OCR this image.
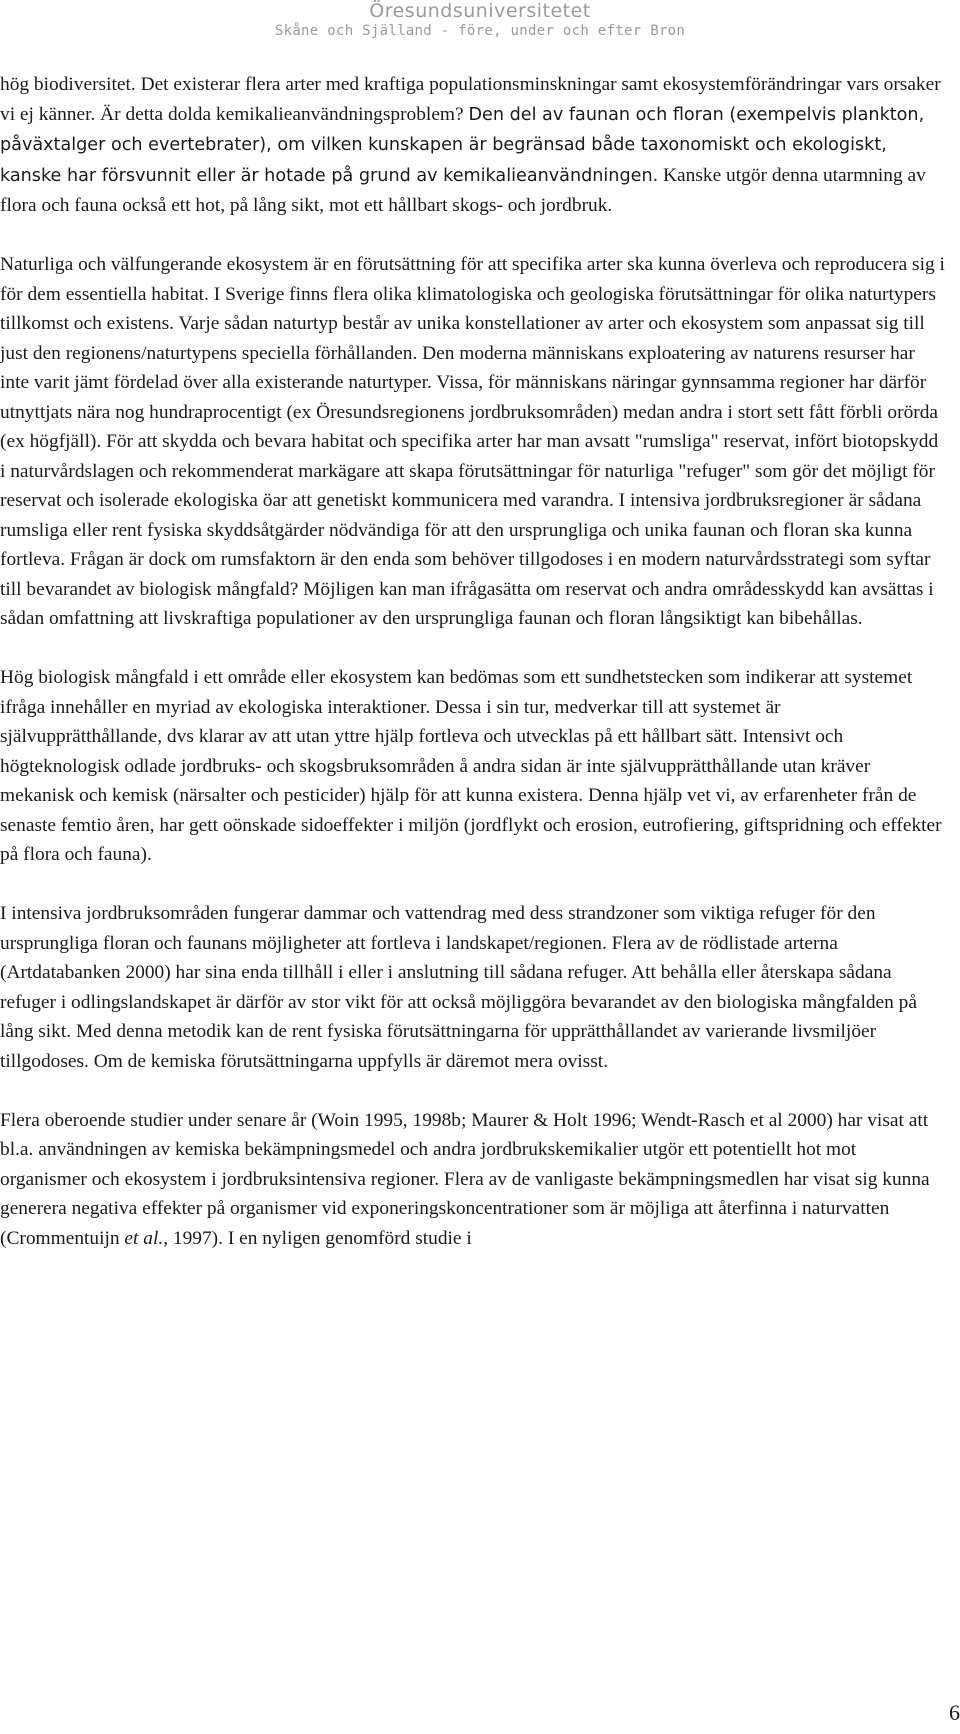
Öresundsuniversitetet
Skåne och Själland - före, under och efter Bron

hög biodiversitet. Det existerar flera arter med kraftiga populationsminskningar samt ekosystemförändringar vars orsaker vi ej känner. Är detta dolda kemikalieanvändningsproblem? Den del av faunan och floran (exempelvis plankton, påväxtalger och evertebrater), om vilken kunskapen är begränsad både taxonomiskt och ekologiskt, kanske har försvunnit eller är hotade på grund av kemikalieanvändningen. Kanske utgör denna utarmning av flora och fauna också ett hot, på lång sikt, mot ett hållbart skogs- och jordbruk.

Naturliga och välfungerande ekosystem är en förutsättning för att specifika arter ska kunna överleva och reproducera sig i för dem essentiella habitat. I Sverige finns flera olika klimatologiska och geologiska förutsättningar för olika naturtypers tillkomst och existens. Varje sådan naturtyp består av unika konstellationer av arter och ekosystem som anpassat sig till just den regionens/naturtypens speciella förhållanden. Den moderna människans exploatering av naturens resurser har inte varit jämt fördelad över alla existerande naturtyper. Vissa, för människans näringar gynnsamma regioner har därför utnyttjats nära nog hundraprocentigt (ex Öresundsregionens jordbruksområden) medan andra i stort sett fått förbli orörda (ex högfjäll). För att skydda och bevara habitat och specifika arter har man avsatt "rumsliga" reservat, infört biotopskydd i naturvårdslagen och rekommenderat markägare att skapa förutsättningar för naturliga "refuger" som gör det möjligt för reservat och isolerade ekologiska öar att genetiskt kommunicera med varandra. I intensiva jordbruksregioner är sådana rumsliga eller rent fysiska skyddsåtgärder nödvändiga för att den ursprungliga och unika faunan och floran ska kunna fortleva. Frågan är dock om rumsfaktorn är den enda som behöver tillgodoses i en modern naturvårdsstrategi som syftar till bevarandet av biologisk mångfald? Möjligen kan man ifrågasätta om reservat och andra områdesskydd kan avsättas i sådan omfattning att livskraftiga populationer av den ursprungliga faunan och floran långsiktigt kan bibehållas.

Hög biologisk mångfald i ett område eller ekosystem kan bedömas som ett sundhetstecken som indikerar att systemet ifråga innehåller en myriad av ekologiska interaktioner. Dessa i sin tur, medverkar till att systemet är självupprätthållande, dvs klarar av att utan yttre hjälp fortleva och utvecklas på ett hållbart sätt. Intensivt och högteknologisk odlade jordbruks- och skogsbruksområden å andra sidan är inte självupprätthållande utan kräver mekanisk och kemisk (närsalter och pesticider) hjälp för att kunna existera. Denna hjälp vet vi, av erfarenheter från de senaste femtio åren, har gett oönskade sidoeffekter i miljön (jordflykt och erosion, eutrofiering, giftspridning och effekter på flora och fauna).

I intensiva jordbruksområden fungerar dammar och vattendrag med dess strandzoner som viktiga refuger för den ursprungliga floran och faunans möjligheter att fortleva i landskapet/regionen. Flera av de rödlistade arterna (Artdatabanken 2000) har sina enda tillhåll i eller i anslutning till sådana refuger. Att behålla eller återskapa sådana refuger i odlingslandskapet är därför av stor vikt för att också möjliggöra bevarandet av den biologiska mångfalden på lång sikt. Med denna metodik kan de rent fysiska förutsättningarna för upprätthållandet av varierande livsmiljöer tillgodoses. Om de kemiska förutsättningarna uppfylls är däremot mera ovisst.

Flera oberoende studier under senare år (Woin 1995, 1998b; Maurer & Holt 1996; Wendt-Rasch et al 2000) har visat att bl.a. användningen av kemiska bekämpningsmedel och andra jordbrukskemikalier utgör ett potentiellt hot mot organismer och ekosystem i jordbruksintensiva regioner. Flera av de vanligaste bekämpningsmedlen har visat sig kunna generera negativa effekter på organismer vid exponeringskoncentrationer som är möjliga att återfinna i naturvatten (Crommentuijn et al., 1997). I en nyligen genomförd studie i

6
